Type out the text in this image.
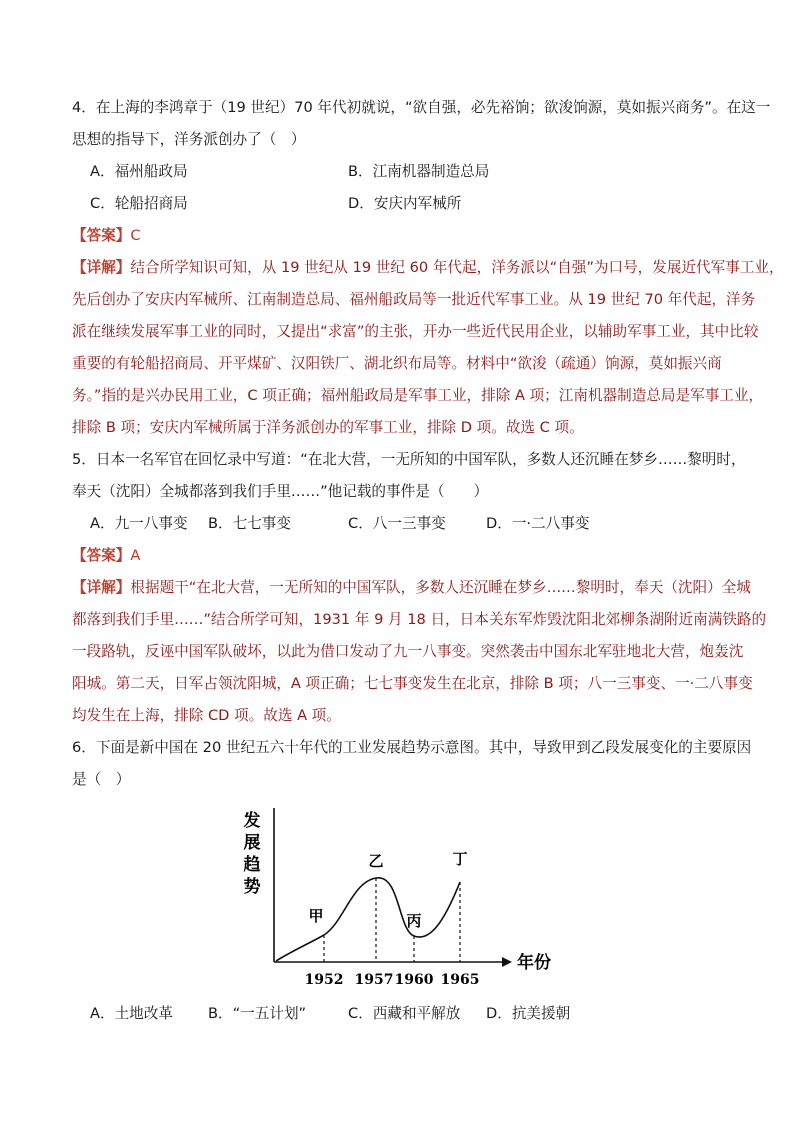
4．在上海的李鸿章于（19 世纪）70 年代初就说，“欲自强，必先裕饷；欲浚饷源，莫如振兴商务”。在这一

思想的指导下，洋务派创办了（　）

A．福州船政局	B．江南机器制造总局
C．轮船招商局	D．安庆内军械所

【答案】C

【详解】结合所学知识可知，从 19 世纪从 19 世纪 60 年代起，洋务派以“自强”为口号，发展近代军事工业，

先后创办了安庆内军械所、江南制造总局、福州船政局等一批近代军事工业。从 19 世纪 70 年代起，洋务

派在继续发展军事工业的同时，又提出“求富”的主张，开办一些近代民用企业，以辅助军事工业，其中比较

重要的有轮船招商局、开平煤矿、汉阳铁厂、湖北织布局等。材料中“欲浚（疏通）饷源，莫如振兴商

务。”指的是兴办民用工业，C 项正确；福州船政局是军事工业，排除 A 项；江南机器制造总局是军事工业，

排除 B 项；安庆内军械所属于洋务派创办的军事工业，排除 D 项。故选 C 项。

5．日本一名军官在回忆录中写道：“在北大营，一无所知的中国军队，多数人还沉睡在梦乡……黎明时，

奉天（沈阳）全城都落到我们手里……”他记载的事件是（　　）

A．九一八事变	B．七七事变	C．八一三事变	D．一·二八事变

【答案】A

【详解】根据题干“在北大营，一无所知的中国军队，多数人还沉睡在梦乡……黎明时，奉天（沈阳）全城

都落到我们手里……”结合所学可知，1931 年 9 月 18 日，日本关东军炸毁沈阳北郊柳条湖附近南满铁路的

一段路轨，反诬中国军队破坏，以此为借口发动了九一八事变。突然袭击中国东北军驻地北大营，炮轰沈

阳城。第二天，日军占领沈阳城，A 项正确；七七事变发生在北京，排除 B 项；八一三事变、一·二八事变

均发生在上海，排除 CD 项。故选 A 项。

6．下面是新中国在 20 世纪五六十年代的工业发展趋势示意图。其中，导致甲到乙段发展变化的主要原因

是（　）

发
展
趋
势
年份
甲
乙
丙
丁
1952 1957 1960 1965
A．土地改革	B．“一五计划”	C．西藏和平解放	D．抗美援朝
